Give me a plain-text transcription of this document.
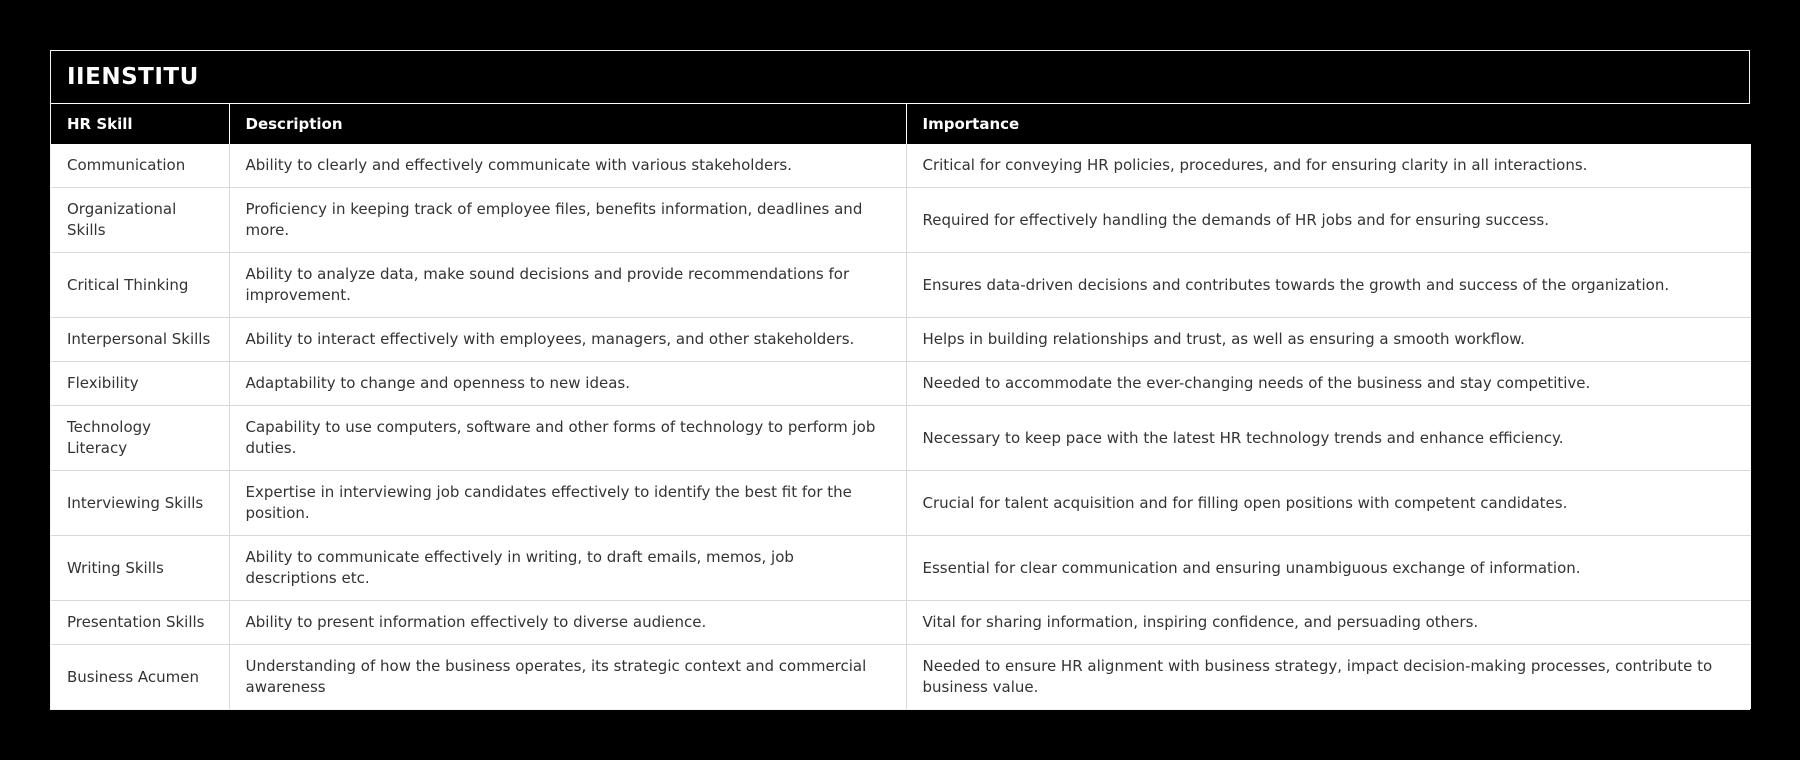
IIENSTITU
HR Skill	Description	Importance
Communication	Ability to clearly and effectively communicate with various stakeholders.	Critical for conveying HR policies, procedures, and for ensuring clarity in all interactions.
Organizational Skills	Proficiency in keeping track of employee files, benefits information, deadlines and more.	Required for effectively handling the demands of HR jobs and for ensuring success.
Critical Thinking	Ability to analyze data, make sound decisions and provide recommendations for improvement.	Ensures data-driven decisions and contributes towards the growth and success of the organization.
Interpersonal Skills	Ability to interact effectively with employees, managers, and other stakeholders.	Helps in building relationships and trust, as well as ensuring a smooth workflow.
Flexibility	Adaptability to change and openness to new ideas.	Needed to accommodate the ever-changing needs of the business and stay competitive.
Technology Literacy	Capability to use computers, software and other forms of technology to perform job duties.	Necessary to keep pace with the latest HR technology trends and enhance efficiency.
Interviewing Skills	Expertise in interviewing job candidates effectively to identify the best fit for the position.	Crucial for talent acquisition and for filling open positions with competent candidates.
Writing Skills	Ability to communicate effectively in writing, to draft emails, memos, job descriptions etc.	Essential for clear communication and ensuring unambiguous exchange of information.
Presentation Skills	Ability to present information effectively to diverse audience.	Vital for sharing information, inspiring confidence, and persuading others.
Business Acumen	Understanding of how the business operates, its strategic context and commercial awareness	Needed to ensure HR alignment with business strategy, impact decision-making processes, contribute to business value.
